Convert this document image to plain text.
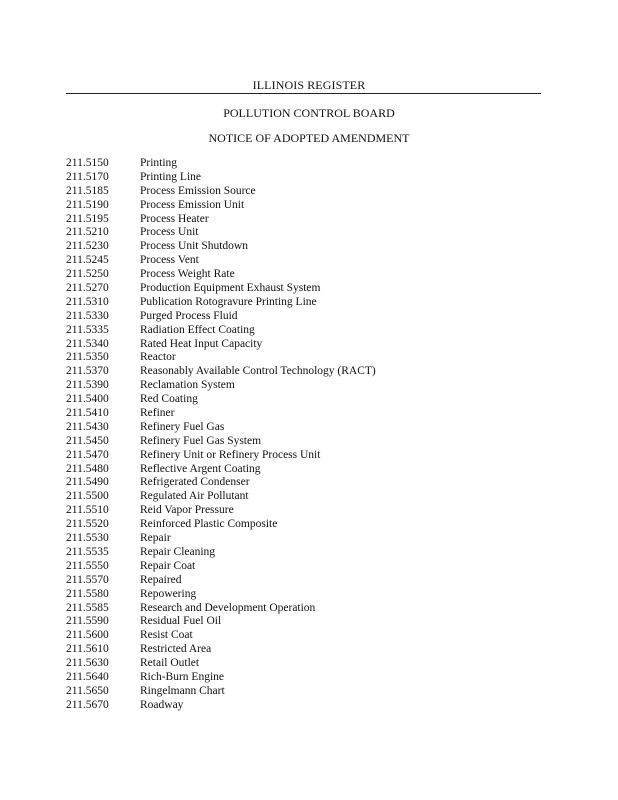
ILLINOIS REGISTER
POLLUTION CONTROL BOARD
NOTICE OF ADOPTED AMENDMENT
211.5150	Printing
211.5170	Printing Line
211.5185	Process Emission Source
211.5190	Process Emission Unit
211.5195	Process Heater
211.5210	Process Unit
211.5230	Process Unit Shutdown
211.5245	Process Vent
211.5250	Process Weight Rate
211.5270	Production Equipment Exhaust System
211.5310	Publication Rotogravure Printing Line
211.5330	Purged Process Fluid
211.5335	Radiation Effect Coating
211.5340	Rated Heat Input Capacity
211.5350	Reactor
211.5370	Reasonably Available Control Technology (RACT)
211.5390	Reclamation System
211.5400	Red Coating
211.5410	Refiner
211.5430	Refinery Fuel Gas
211.5450	Refinery Fuel Gas System
211.5470	Refinery Unit or Refinery Process Unit
211.5480	Reflective Argent Coating
211.5490	Refrigerated Condenser
211.5500	Regulated Air Pollutant
211.5510	Reid Vapor Pressure
211.5520	Reinforced Plastic Composite
211.5530	Repair
211.5535	Repair Cleaning
211.5550	Repair Coat
211.5570	Repaired
211.5580	Repowering
211.5585	Research and Development Operation
211.5590	Residual Fuel Oil
211.5600	Resist Coat
211.5610	Restricted Area
211.5630	Retail Outlet
211.5640	Rich-Burn Engine
211.5650	Ringelmann Chart
211.5670	Roadway
